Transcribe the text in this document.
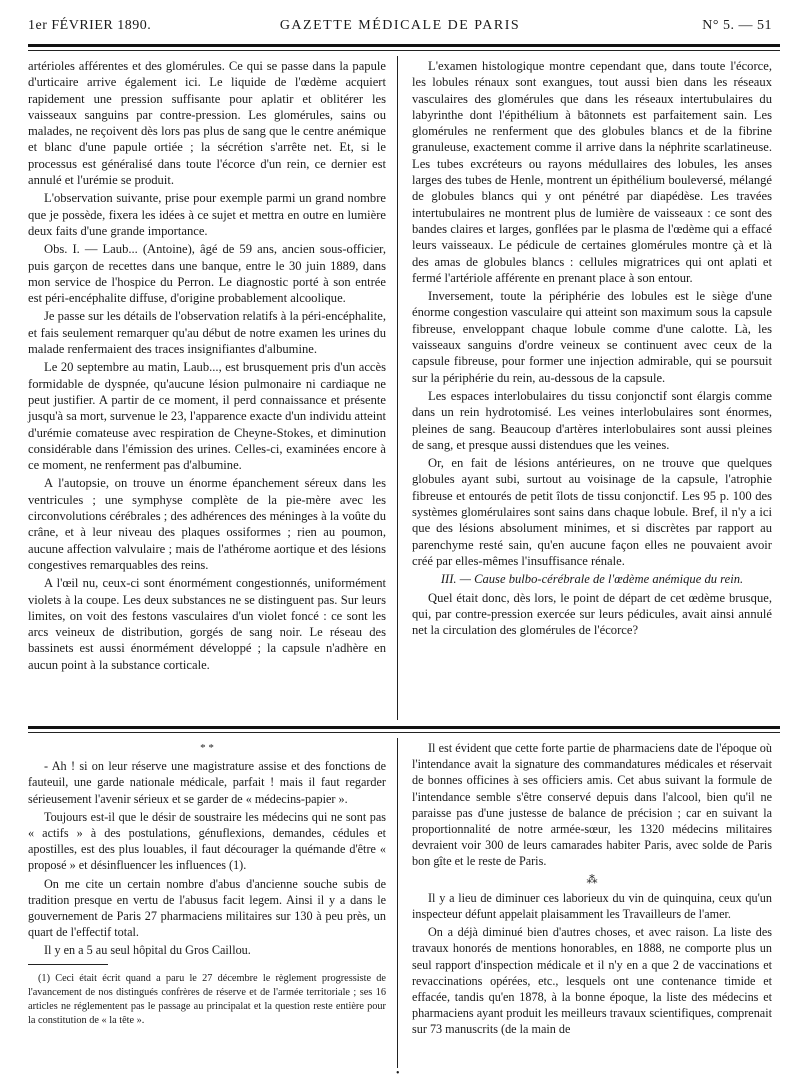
1er FÉVRIER 1890.	GAZETTE MÉDICALE DE PARIS	N° 5. — 51

artérioles afférentes et des glomérules. Ce qui se passe dans la papule d'urticaire arrive également ici. Le liquide de l'œdème acquiert rapidement une pression suffisante pour aplatir et oblitérer les vaisseaux sanguins par contre-pression. Les glomérules, sains ou malades, ne reçoivent dès lors pas plus de sang que le centre anémique et blanc d'une papule ortiée ; la sécrétion s'arrête net. Et, si le processus est généralisé dans toute l'écorce d'un rein, ce dernier est annulé et l'urémie se produit.

L'observation suivante, prise pour exemple parmi un grand nombre que je possède, fixera les idées à ce sujet et mettra en outre en lumière deux faits d'une grande importance.

Obs. I. — Laub... (Antoine), âgé de 59 ans, ancien sous-officier, puis garçon de recettes dans une banque, entre le 30 juin 1889, dans mon service de l'hospice du Perron. Le diagnostic porté à son entrée est péri-encéphalite diffuse, d'origine probablement alcoolique.

Je passe sur les détails de l'observation relatifs à la péri-encéphalite, et fais seulement remarquer qu'au début de notre examen les urines du malade renfermaient des traces insignifiantes d'albumine.

Le 20 septembre au matin, Laub..., est brusquement pris d'un accès formidable de dyspnée, qu'aucune lésion pulmonaire ni cardiaque ne peut justifier. A partir de ce moment, il perd connaissance et présente jusqu'à sa mort, survenue le 23, l'apparence exacte d'un individu atteint d'urémie comateuse avec respiration de Cheyne-Stokes, et diminution considérable dans l'émission des urines. Celles-ci, examinées encore à ce moment, ne renferment pas d'albumine.

A l'autopsie, on trouve un énorme épanchement séreux dans les ventricules ; une symphyse complète de la pie-mère avec les circonvolutions cérébrales ; des adhérences des méninges à la voûte du crâne, et à leur niveau des plaques ossiformes ; rien au poumon, aucune affection valvulaire ; mais de l'athérome aortique et des lésions congestives remarquables des reins.

A l'œil nu, ceux-ci sont énormément congestionnés, uniformément violets à la coupe. Les deux substances ne se distinguent pas. Sur leurs limites, on voit des festons vasculaires d'un violet foncé : ce sont les arcs veineux de distribution, gorgés de sang noir. Le réseau des bassinets est aussi énormément développé ; la capsule n'adhère en aucun point à la substance corticale.

L'examen histologique montre cependant que, dans toute l'écorce, les lobules rénaux sont exangues, tout aussi bien dans les réseaux vasculaires des glomérules que dans les réseaux intertubulaires du labyrinthe dont l'épithélium à bâtonnets est parfaitement sain. Les glomérules ne renferment que des globules blancs et de la fibrine granuleuse, exactement comme il arrive dans la néphrite scarlatineuse. Les tubes excréteurs ou rayons médullaires des lobules, les anses larges des tubes de Henle, montrent un épithélium bouleversé, mélangé de globules blancs qui y ont pénétré par diapédèse. Les travées intertubulaires ne montrent plus de lumière de vaisseaux : ce sont des bandes claires et larges, gonflées par le plasma de l'œdème qui a effacé leurs vaisseaux. Le pédicule de certaines glomérules montre çà et là des amas de globules blancs : cellules migratrices qui ont aplati et fermé l'artériole afférente en prenant place à son entour.

Inversement, toute la périphérie des lobules est le siège d'une énorme congestion vasculaire qui atteint son maximum sous la capsule fibreuse, enveloppant chaque lobule comme d'une calotte. Là, les vaisseaux sanguins d'ordre veineux se continuent avec ceux de la capsule fibreuse, pour former une injection admirable, qui se poursuit sur la périphérie du rein, au-dessous de la capsule.

Les espaces interlobulaires du tissu conjonctif sont élargis comme dans un rein hydrotomisé. Les veines interlobulaires sont énormes, pleines de sang. Beaucoup d'artères interlobulaires sont aussi pleines de sang, et presque aussi distendues que les veines.

Or, en fait de lésions antérieures, on ne trouve que quelques globules ayant subi, surtout au voisinage de la capsule, l'atrophie fibreuse et entourés de petit îlots de tissu conjonctif. Les 95 p. 100 des systèmes glomérulaires sont sains dans chaque lobule. Bref, il n'y a ici que des lésions absolument minimes, et si discrètes par rapport au parenchyme resté sain, qu'en aucune façon elles ne pouvaient avoir créé par elles-mêmes l'insuffisance rénale.

III. — Cause bulbo-cérébrale de l'œdème anémique du rein.

Quel était donc, dès lors, le point de départ de cet œdème brusque, qui, par contre-pression exercée sur leurs pédicules, avait ainsi annulé net la circulation des glomérules de l'écorce?

* *

- Ah ! si on leur réserve une magistrature assise et des fonctions de fauteuil, une garde nationale médicale, parfait ! mais il faut regarder sérieusement l'avenir sérieux et se garder de « médecins-papier ».

Toujours est-il que le désir de soustraire les médecins qui ne sont pas « actifs » à des postulations, génuflexions, demandes, cédules et apostilles, est des plus louables, il faut décourager la quémande d'être « proposé » et désinfluencer les influences (1).

On me cite un certain nombre d'abus d'ancienne souche subis de tradition presque en vertu de l'abusus facit legem. Ainsi il y a dans le gouvernement de Paris 27 pharmaciens militaires sur 130 à peu près, un quart de l'effectif total.

Il y en a 5 au seul hôpital du Gros Caillou.

(1) Ceci était écrit quand a paru le 27 décembre le règlement progressiste de l'avancement de nos distingués confrères de réserve et de l'armée territoriale ; ses 16 articles ne réglementent pas le passage au principalat et la question reste entière pour la constitution de « la tête ».

Il est évident que cette forte partie de pharmaciens date de l'époque où l'intendance avait la signature des commandatures médicales et réservait de bonnes officines à ses officiers amis. Cet abus suivant la formule de l'intendance semble s'être conservé depuis dans l'alcool, bien qu'il ne paraisse pas d'une justesse de balance de précision ; car en suivant la proportionnalité de notre armée-sœur, les 1320 médecins militaires devraient voir 300 de leurs camarades habiter Paris, avec solde de Paris bon gîte et le reste de Paris.

⁂

Il y a lieu de diminuer ces laborieux du vin de quinquina, ceux qu'un inspecteur défunt appelait plaisamment les Travailleurs de l'amer.

On a déjà diminué bien d'autres choses, et avec raison. La liste des travaux honorés de mentions honorables, en 1888, ne comporte plus un seul rapport d'inspection médicale et il n'y en a que 2 de vaccinations et revaccinations opérées, etc., lesquels ont une contenance timide et effacée, tandis qu'en 1878, à la bonne époque, la liste des médecins et pharmaciens ayant produit les meilleurs travaux scientifiques, comprenait sur 73 manuscrits (de la main de

•
